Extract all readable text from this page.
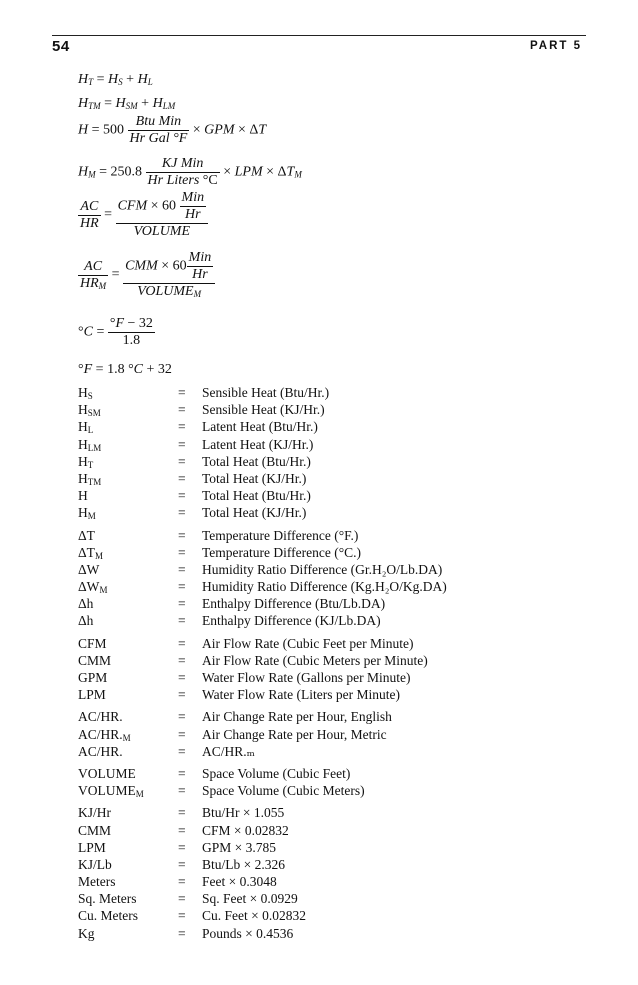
54	PART 5
$H_T = H_S + H_L$
$H_{TM} = H_{SM} + H_{LM}$
$H = 500 \frac{\text{Btu Min}}{\text{Hr Gal °F}}$ × GPM × ΔT
$H_M = 250.8 \frac{\text{KJ Min}}{\text{Hr Liters °C}}$ × LPM × $\Delta T_M$
$\frac{AC}{HR} = \frac{CFM \times 60 \frac{\text{Min}}{Hr}}{\text{VOLUME}}$
$\frac{AC}{HR_M} = \frac{CMM \times 60 \frac{\text{Min}}{Hr}}{VOLUME_M}$
$^\circ C = \frac{^\circ F - 32}{1.8}$
°F = 1.8 °C + 32
$H_S$	=	Sensible Heat (Btu/Hr.)
$H_{SM}$	=	Sensible Heat (KJ/Hr.)
$H_L$	=	Latent Heat (Btu/Hr.)
$H_{LM}$	=	Latent Heat (KJ/Hr.)
$H_T$	=	Total Heat (Btu/Hr.)
$H_{TM}$	=	Total Heat (KJ/Hr.)
H	=	Total Heat (Btu/Hr.)
$H_M$	=	Total Heat (KJ/Hr.)
ΔT	=	Temperature Difference (°F.)
$\Delta T_M$	=	Temperature Difference (°C.)
ΔW	=	Humidity Ratio Difference (Gr.H₂O/Lb.DA)
$\Delta W_M$	=	Humidity Ratio Difference (Kg.H₂O/Kg.DA)
Δh	=	Enthalpy Difference (Btu/Lb.DA)
Δh	=	Enthalpy Difference (KJ/Lb.DA)
CFM	=	Air Flow Rate (Cubic Feet per Minute)
CMM	=	Air Flow Rate (Cubic Meters per Minute)
GPM	=	Water Flow Rate (Gallons per Minute)
LPM	=	Water Flow Rate (Liters per Minute)
AC/HR.	=	Air Change Rate per Hour, English
$AC/HR._M$	=	Air Change Rate per Hour, Metric
AC/HR.	=	AC/HR.ₘ
VOLUME	=	Space Volume (Cubic Feet)
$VOLUME_M$	=	Space Volume (Cubic Meters)
KJ/Hr	=	Btu/Hr × 1.055
CMM	=	CFM × 0.02832
LPM	=	GPM × 3.785
KJ/Lb	=	Btu/Lb × 2.326
Meters	=	Feet × 0.3048
Sq. Meters	=	Sq. Feet × 0.0929
Cu. Meters	=	Cu. Feet × 0.02832
Kg	=	Pounds × 0.4536
